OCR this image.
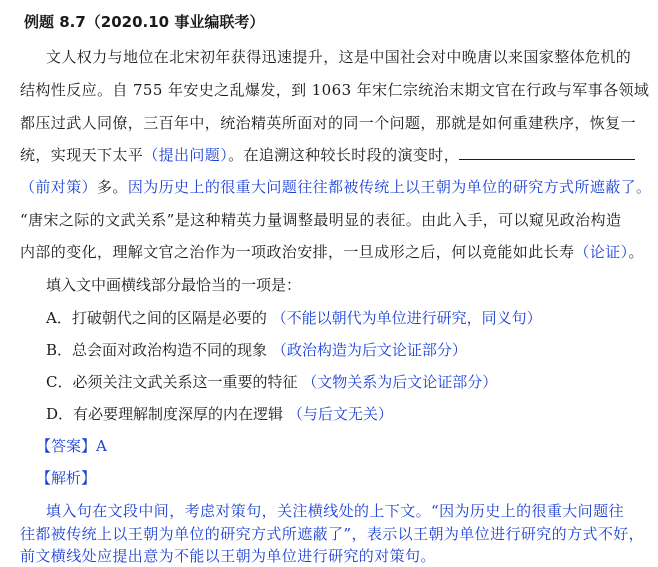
例题 8.7（2020.10 事业编联考）
文人权力与地位在北宋初年获得迅速提升，这是中国社会对中晚唐以来国家整体危机的
结构性反应。自 755 年安史之乱爆发，到 1063 年宋仁宗统治末期文官在行政与军事各领域
都压过武人同僚，三百年中，统治精英所面对的同一个问题，那就是如何重建秩序，恢复一
统，实现天下太平（提出问题）。在追溯这种较长时段的演变时，
（前对策）多。因为历史上的很重大问题往往都被传统上以王朝为单位的研究方式所遮蔽了。
“唐宋之际的文武关系”是这种精英力量调整最明显的表征。由此入手，可以窥见政治构造
内部的变化，理解文官之治作为一项政治安排，一旦成形之后，何以竟能如此长寿（论证）。
填入文中画横线部分最恰当的一项是：
A．打破朝代之间的区隔是必要的 （不能以朝代为单位进行研究，同义句）
B．总会面对政治构造不同的现象 （政治构造为后文论证部分）
C．必须关注文武关系这一重要的特征 （文物关系为后文论证部分）
D．有必要理解制度深厚的内在逻辑 （与后文无关）
【答案】A
【解析】
填入句在文段中间，考虑对策句，关注横线处的上下文。“因为历史上的很重大问题往
往都被传统上以王朝为单位的研究方式所遮蔽了”，表示以王朝为单位进行研究的方式不好，
前文横线处应提出意为不能以王朝为单位进行研究的对策句。
